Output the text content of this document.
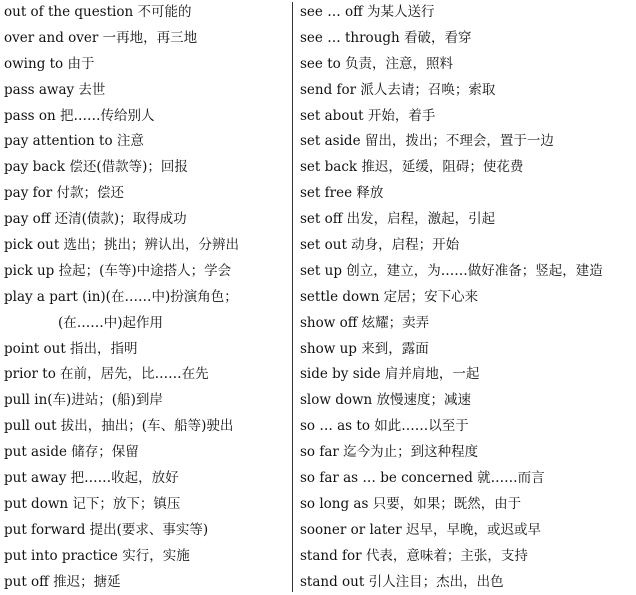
out of the question 不可能的
over and over 一再地，再三地
owing to 由于
pass away 去世
pass on 把……传给别人
pay attention to 注意
pay back 偿还(借款等)；回报
pay for 付款；偿还
pay off 还清(债款)；取得成功
pick out 选出；挑出；辨认出，分辨出
pick up 捡起；(车等)中途搭人；学会
play a part (in)(在……中)扮演角色；
(在……中)起作用
point out 指出，指明
prior to 在前，居先，比……在先
pull in(车)进站；(船)到岸
pull out 拔出，抽出；(车、船等)驶出
put aside 储存；保留
put away 把……收起，放好
put down 记下；放下；镇压
put forward 提出(要求、事实等)
put into practice 实行，实施
put off 推迟；搪延
see … off 为某人送行
see … through 看破，看穿
see to 负责，注意，照料
send for 派人去请；召唤；索取
set about 开始，着手
set aside 留出，拨出；不理会，置于一边
set back 推迟，延缓，阻碍；使花费
set free 释放
set off 出发，启程，激起，引起
set out 动身，启程；开始
set up 创立，建立，为……做好准备；竖起，建造
settle down 定居；安下心来
show off 炫耀；卖弄
show up 来到，露面
side by side 肩并肩地，一起
slow down 放慢速度；减速
so … as to 如此……以至于
so far 迄今为止；到这种程度
so far as … be concerned 就……而言
so long as 只要，如果；既然，由于
sooner or later 迟早，早晚，或迟或早
stand for 代表，意味着；主张，支持
stand out 引人注目；杰出，出色
